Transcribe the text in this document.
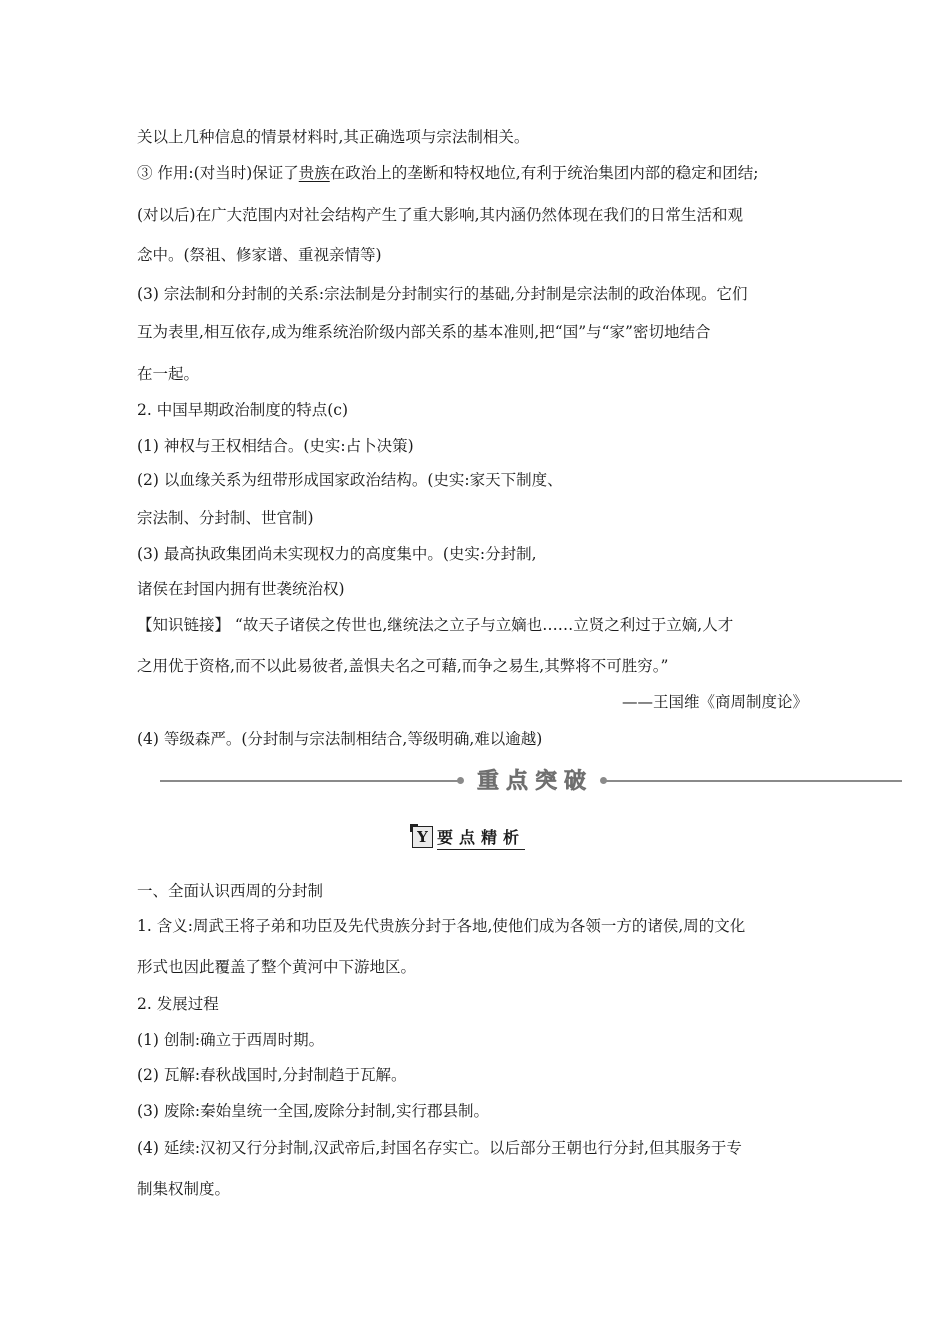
关以上几种信息的情景材料时,其正确选项与宗法制相关。
③ 作用:(对当时)保证了贵族在政治上的垄断和特权地位,有利于统治集团内部的稳定和团结;
(对以后)在广大范围内对社会结构产生了重大影响,其内涵仍然体现在我们的日常生活和观
念中。(祭祖、修家谱、重视亲情等)
(3) 宗法制和分封制的关系:宗法制是分封制实行的基础,分封制是宗法制的政治体现。它们
互为表里,相互依存,成为维系统治阶级内部关系的基本准则,把“国”与“家”密切地结合
在一起。
2. 中国早期政治制度的特点(c)
(1) 神权与王权相结合。(史实:占卜决策)
(2) 以血缘关系为纽带形成国家政治结构。(史实:家天下制度、
宗法制、分封制、世官制)
(3) 最高执政集团尚未实现权力的高度集中。(史实:分封制,
诸侯在封国内拥有世袭统治权)
【知识链接】 “故天子诸侯之传世也,继统法之立子与立嫡也……立贤之利过于立嫡,人才
之用优于资格,而不以此易彼者,盖惧夫名之可藉,而争之易生,其弊将不可胜穷。”
——王国维《商周制度论》
(4) 等级森严。(分封制与宗法制相结合,等级明确,难以逾越)
重点突破
Y 要点精析
一、全面认识西周的分封制
1. 含义:周武王将子弟和功臣及先代贵族分封于各地,使他们成为各领一方的诸侯,周的文化
形式也因此覆盖了整个黄河中下游地区。
2. 发展过程
(1) 创制:确立于西周时期。
(2) 瓦解:春秋战国时,分封制趋于瓦解。
(3) 废除:秦始皇统一全国,废除分封制,实行郡县制。
(4) 延续:汉初又行分封制,汉武帝后,封国名存实亡。以后部分王朝也行分封,但其服务于专
制集权制度。
